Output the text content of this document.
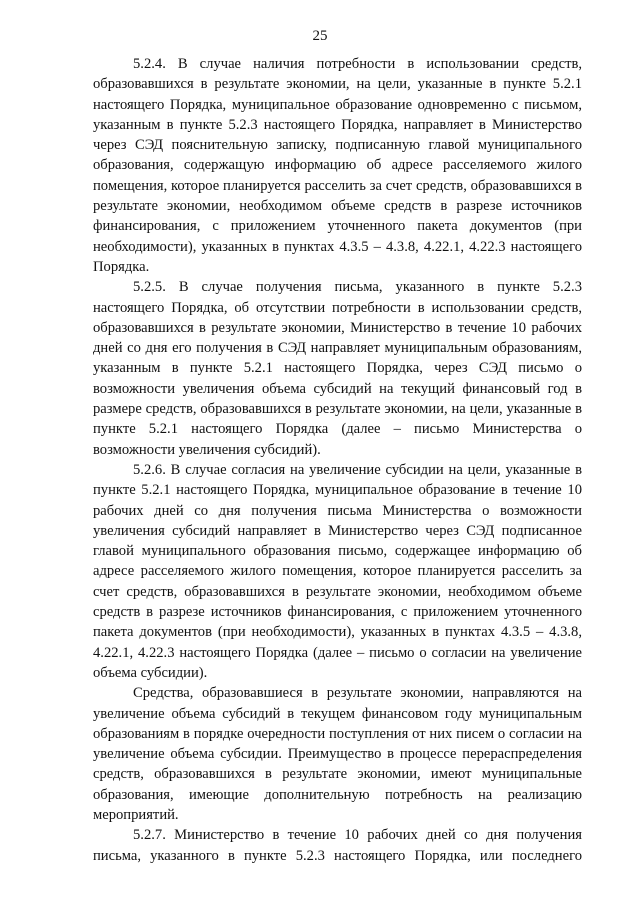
25

5.2.4. В случае наличия потребности в использовании средств, образовавшихся в результате экономии, на цели, указанные в пункте 5.2.1 настоящего Порядка, муниципальное образование одновременно с письмом, указанным в пункте 5.2.3 настоящего Порядка, направляет в Министерство через СЭД пояснительную записку, подписанную главой муниципального образования, содержащую информацию об адресе расселяемого жилого помещения, которое планируется расселить за счет средств, образовавшихся в результате экономии, необходимом объеме средств в разрезе источников финансирования, с приложением уточненного пакета документов (при необходимости), указанных в пунктах 4.3.5 – 4.3.8, 4.22.1, 4.22.3 настоящего Порядка.

5.2.5. В случае получения письма, указанного в пункте 5.2.3 настоящего Порядка, об отсутствии потребности в использовании средств, образовавшихся в результате экономии, Министерство в течение 10 рабочих дней со дня его получения в СЭД направляет муниципальным образованиям, указанным в пункте 5.2.1 настоящего Порядка, через СЭД письмо о возможности увеличения объема субсидий на текущий финансовый год в размере средств, образовавшихся в результате экономии, на цели, указанные в пункте 5.2.1 настоящего Порядка (далее – письмо Министерства о возможности увеличения субсидий).

5.2.6. В случае согласия на увеличение субсидии на цели, указанные в пункте 5.2.1 настоящего Порядка, муниципальное образование в течение 10 рабочих дней со дня получения письма Министерства о возможности увеличения субсидий направляет в Министерство через СЭД подписанное главой муниципального образования письмо, содержащее информацию об адресе расселяемого жилого помещения, которое планируется расселить за счет средств, образовавшихся в результате экономии, необходимом объеме средств в разрезе источников финансирования, с приложением уточненного пакета документов (при необходимости), указанных в пунктах 4.3.5 – 4.3.8, 4.22.1, 4.22.3 настоящего Порядка (далее – письмо о согласии на увеличение объема субсидии).

Средства, образовавшиеся в результате экономии, направляются на увеличение объема субсидий в текущем финансовом году муниципальным образованиям в порядке очередности поступления от них писем о согласии на увеличение объема субсидии. Преимущество в процессе перераспределения средств, образовавшихся в результате экономии, имеют муниципальные образования, имеющие дополнительную потребность на реализацию мероприятий.

5.2.7. Министерство в течение 10 рабочих дней со дня получения письма, указанного в пункте 5.2.3 настоящего Порядка, или последнего
